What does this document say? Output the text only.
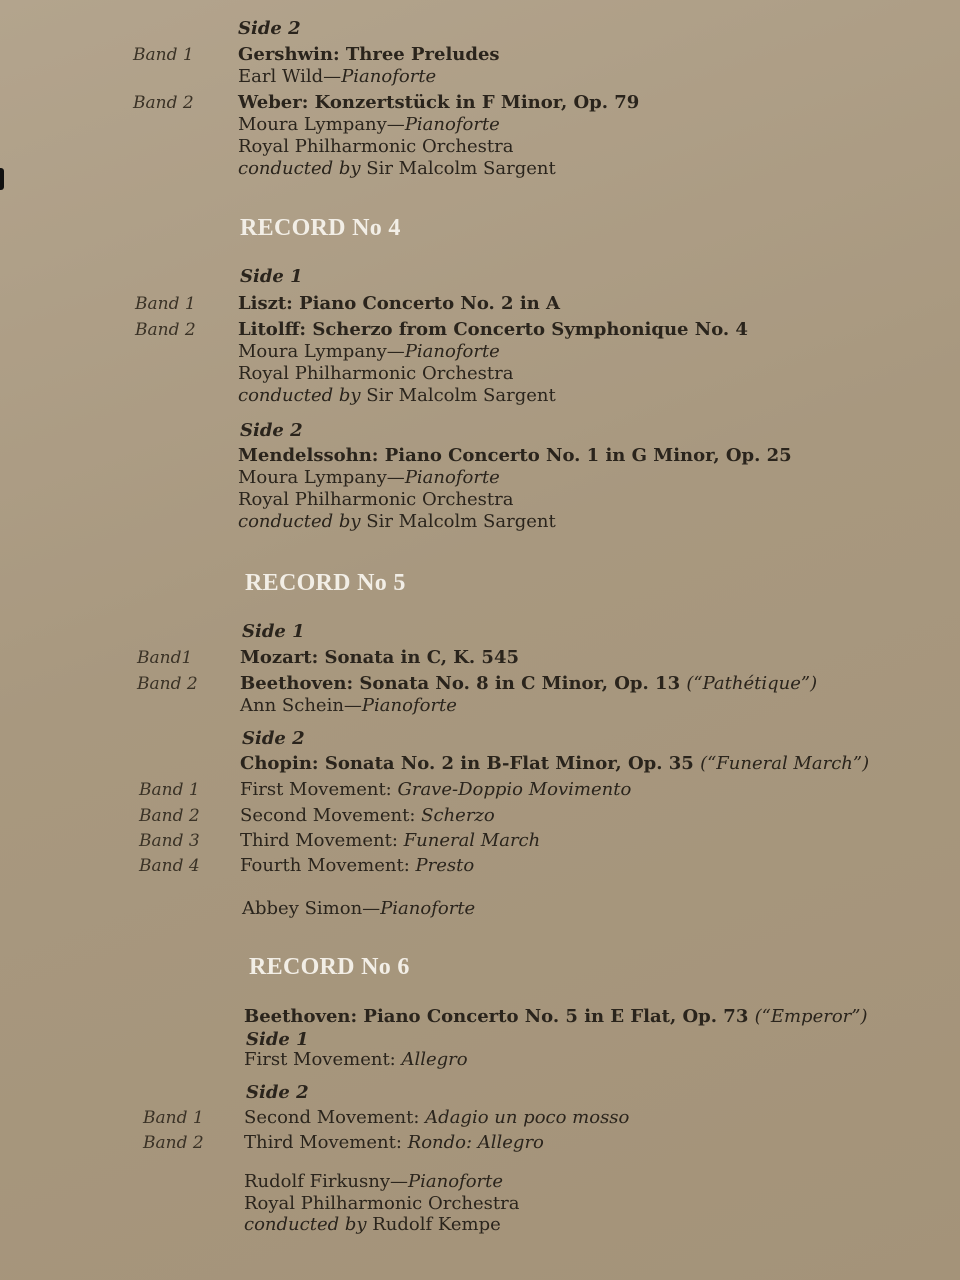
RECORD No 4
RECORD No 5
RECORD No 6
Side 2
Band 1 Gershwin: Three Preludes
Earl Wild—Pianoforte
Band 2 Weber: Konzertstück in F Minor, Op. 79
Moura Lympany—Pianoforte
Royal Philharmonic Orchestra
conducted by Sir Malcolm Sargent
Side 1
Band 1 Liszt: Piano Concerto No. 2 in A
Band 2 Litolff: Scherzo from Concerto Symphonique No. 4
Moura Lympany—Pianoforte
Royal Philharmonic Orchestra
conducted by Sir Malcolm Sargent
Side 2
Mendelssohn: Piano Concerto No. 1 in G Minor, Op. 25
Moura Lympany—Pianoforte
Royal Philharmonic Orchestra
conducted by Sir Malcolm Sargent
Side 1
Band1	Mozart: Sonata in C, K. 545
Band 2 Beethoven: Sonata No. 8 in C Minor, Op. 13 (“Pathétique”)
Ann Schein—Pianoforte
Side 2
Chopin: Sonata No. 2 in B-Flat Minor, Op. 35 (“Funeral March”)
Band 1 First Movement: Grave-Doppio Movimento
Band 2 Second Movement: Scherzo
Band 3 Third Movement: Funeral March
Band 4 Fourth Movement: Presto
Abbey Simon—Pianoforte
Beethoven: Piano Concerto No. 5 in E Flat, Op. 73 (“Emperor”)
Side 1
First Movement: Allegro
Side 2
Band 1 Second Movement: Adagio un poco mosso
Band 2 Third Movement: Rondo: Allegro
Rudolf Firkusny—Pianoforte
Royal Philharmonic Orchestra
conducted by Rudolf Kempe
